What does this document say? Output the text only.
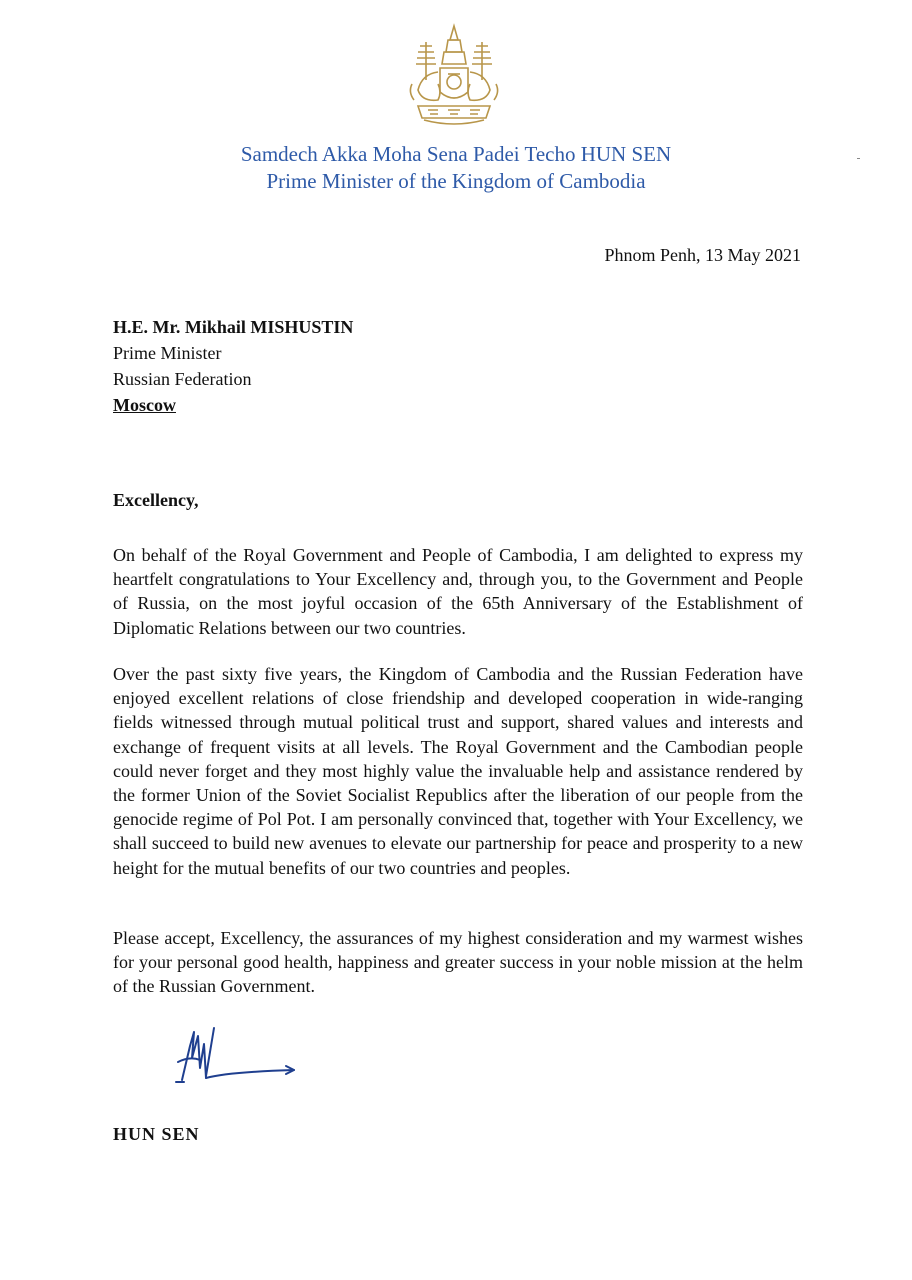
Samdech Akka Moha Sena Padei Techo HUN SEN
Prime Minister of the Kingdom of Cambodia
Phnom Penh, 13 May 2021
H.E. Mr. Mikhail MISHUSTIN
Prime Minister
Russian Federation
Moscow
Excellency,

On behalf of the Royal Government and People of Cambodia, I am delighted to express my heartfelt congratulations to Your Excellency and, through you, to the Government and People of Russia, on the most joyful occasion of the 65th Anniversary of the Establishment of Diplomatic Relations between our two countries.

Over the past sixty five years, the Kingdom of Cambodia and the Russian Federation have enjoyed excellent relations of close friendship and developed cooperation in wide-ranging fields witnessed through mutual political trust and support, shared values and interests and exchange of frequent visits at all levels. The Royal Government and the Cambodian people could never forget and they most highly value the invaluable help and assistance rendered by the former Union of the Soviet Socialist Republics after the liberation of our people from the genocide regime of Pol Pot. I am personally convinced that, together with Your Excellency, we shall succeed to build new avenues to elevate our partnership for peace and prosperity to a new height for the mutual benefits of our two countries and peoples.

Please accept, Excellency, the assurances of my highest consideration and my warmest wishes for your personal good health, happiness and greater success in your noble mission at the helm of the Russian Government.

HUN SEN
